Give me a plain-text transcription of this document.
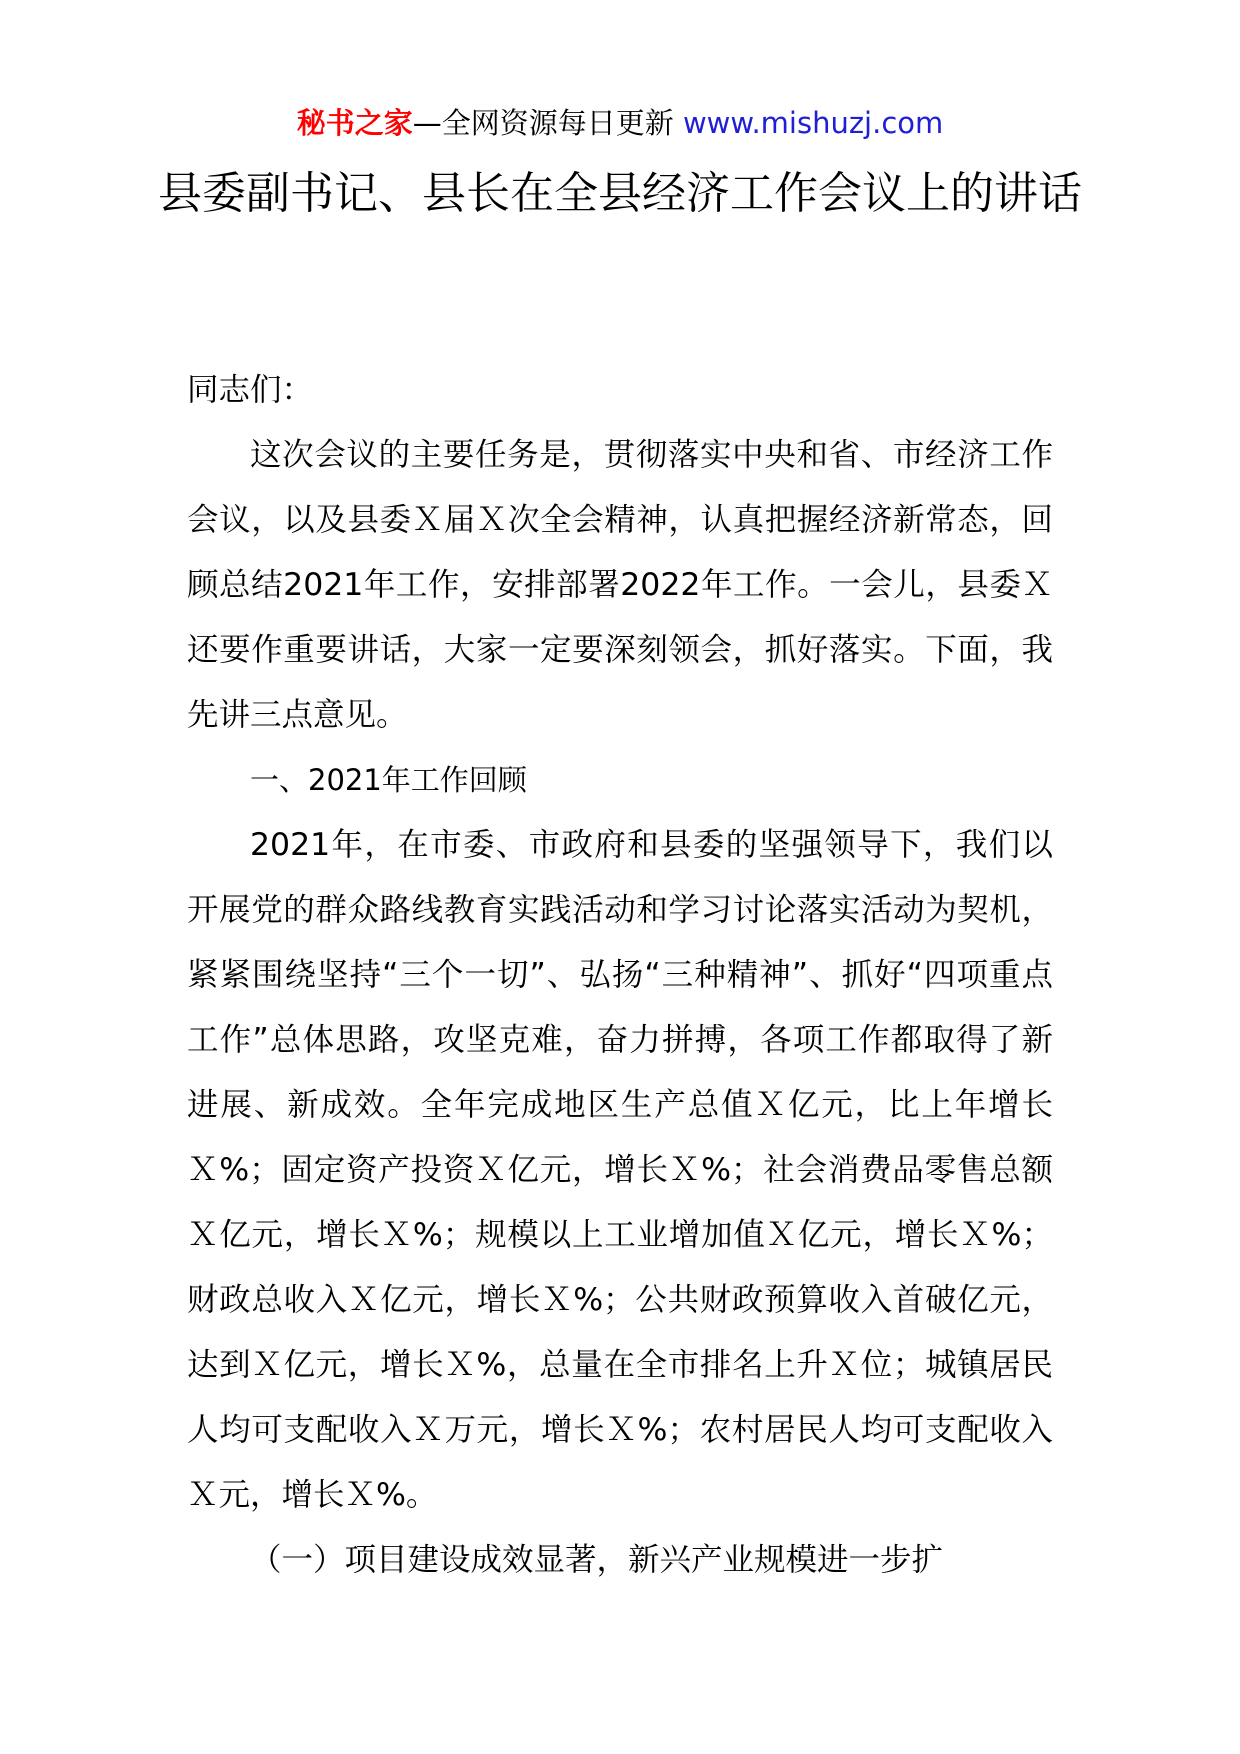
秘书之家—全网资源每日更新 www.mishuzj.com
县委副书记、县长在全县经济工作会议上的讲话

同志们：

这次会议的主要任务是，贯彻落实中央和省、市经济工作会议，以及县委Ｘ届Ｘ次全会精神，认真把握经济新常态，回顾总结2021年工作，安排部署2022年工作。一会儿，县委Ｘ还要作重要讲话，大家一定要深刻领会，抓好落实。下面，我先讲三点意见。

一、2021年工作回顾

2021年，在市委、市政府和县委的坚强领导下，我们以开展党的群众路线教育实践活动和学习讨论落实活动为契机，紧紧围绕坚持“三个一切”、弘扬“三种精神”、抓好“四项重点工作”总体思路，攻坚克难，奋力拼搏，各项工作都取得了新进展、新成效。全年完成地区生产总值Ｘ亿元，比上年增长Ｘ%；固定资产投资Ｘ亿元，增长Ｘ%；社会消费品零售总额Ｘ亿元，增长Ｘ%；规模以上工业增加值Ｘ亿元，增长Ｘ%；财政总收入Ｘ亿元，增长Ｘ%；公共财政预算收入首破亿元，达到Ｘ亿元，增长Ｘ%，总量在全市排名上升Ｘ位；城镇居民人均可支配收入Ｘ万元，增长Ｘ%；农村居民人均可支配收入Ｘ元，增长Ｘ%。

（一）项目建设成效显著，新兴产业规模进一步扩
